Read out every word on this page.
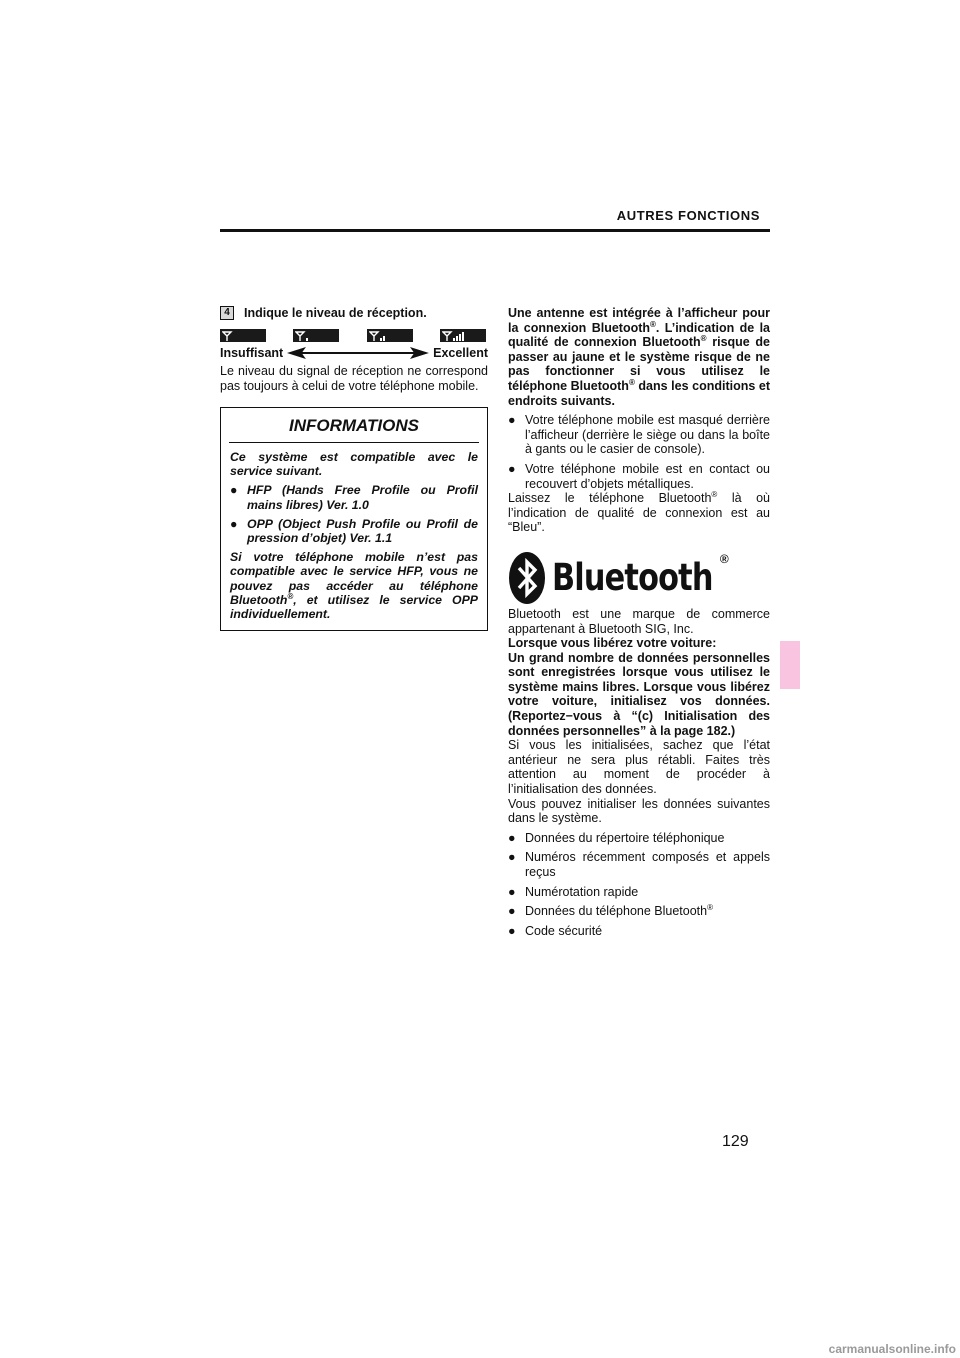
AUTRES FONCTIONS
4	Indique le niveau de réception.
Insuffisant	Excellent

Le niveau du signal de réception ne correspond pas toujours à celui de votre téléphone mobile.

INFORMATIONS

Ce système est compatible avec le service suivant.

● HFP (Hands Free Profile ou Profil mains libres) Ver. 1.0
● OPP (Object Push Profile ou Profil de pression d’objet) Ver. 1.1

Si votre téléphone mobile n’est pas compatible avec le service HFP, vous ne pouvez pas accéder au téléphone Bluetooth®, et utilisez le service OPP individuellement.

Une antenne est intégrée à l’afficheur pour la connexion Bluetooth®. L’indication de la qualité de connexion Bluetooth® risque de passer au jaune et le système risque de ne pas fonctionner si vous utilisez le téléphone Bluetooth® dans les conditions et endroits suivants.

● Votre téléphone mobile est masqué derrière l’afficheur (derrière le siège ou dans la boîte à gants ou le casier de console).
● Votre téléphone mobile est en contact ou recouvert d’objets métalliques.

Laissez le téléphone Bluetooth® là où l’indication de qualité de connexion est au “Bleu”.

Bluetooth ®

Bluetooth est une marque de commerce appartenant à Bluetooth SIG, Inc.

Lorsque vous libérez votre voiture:

Un grand nombre de données personnelles sont enregistrées lorsque vous utilisez le système mains libres. Lorsque vous libérez votre voiture, initialisez vos données. (Reportez−vous à “(c) Initialisation des données personnelles” à la page 182.)

Si vous les initialisées, sachez que l’état antérieur ne sera plus rétabli. Faites très attention au moment de procéder à l’initialisation des données.

Vous pouvez initialiser les données suivantes dans le système.

● Données du répertoire téléphonique
● Numéros récemment composés et appels reçus
● Numérotation rapide
● Données du téléphone Bluetooth®
● Code sécurité
129
carmanualsonline.info
